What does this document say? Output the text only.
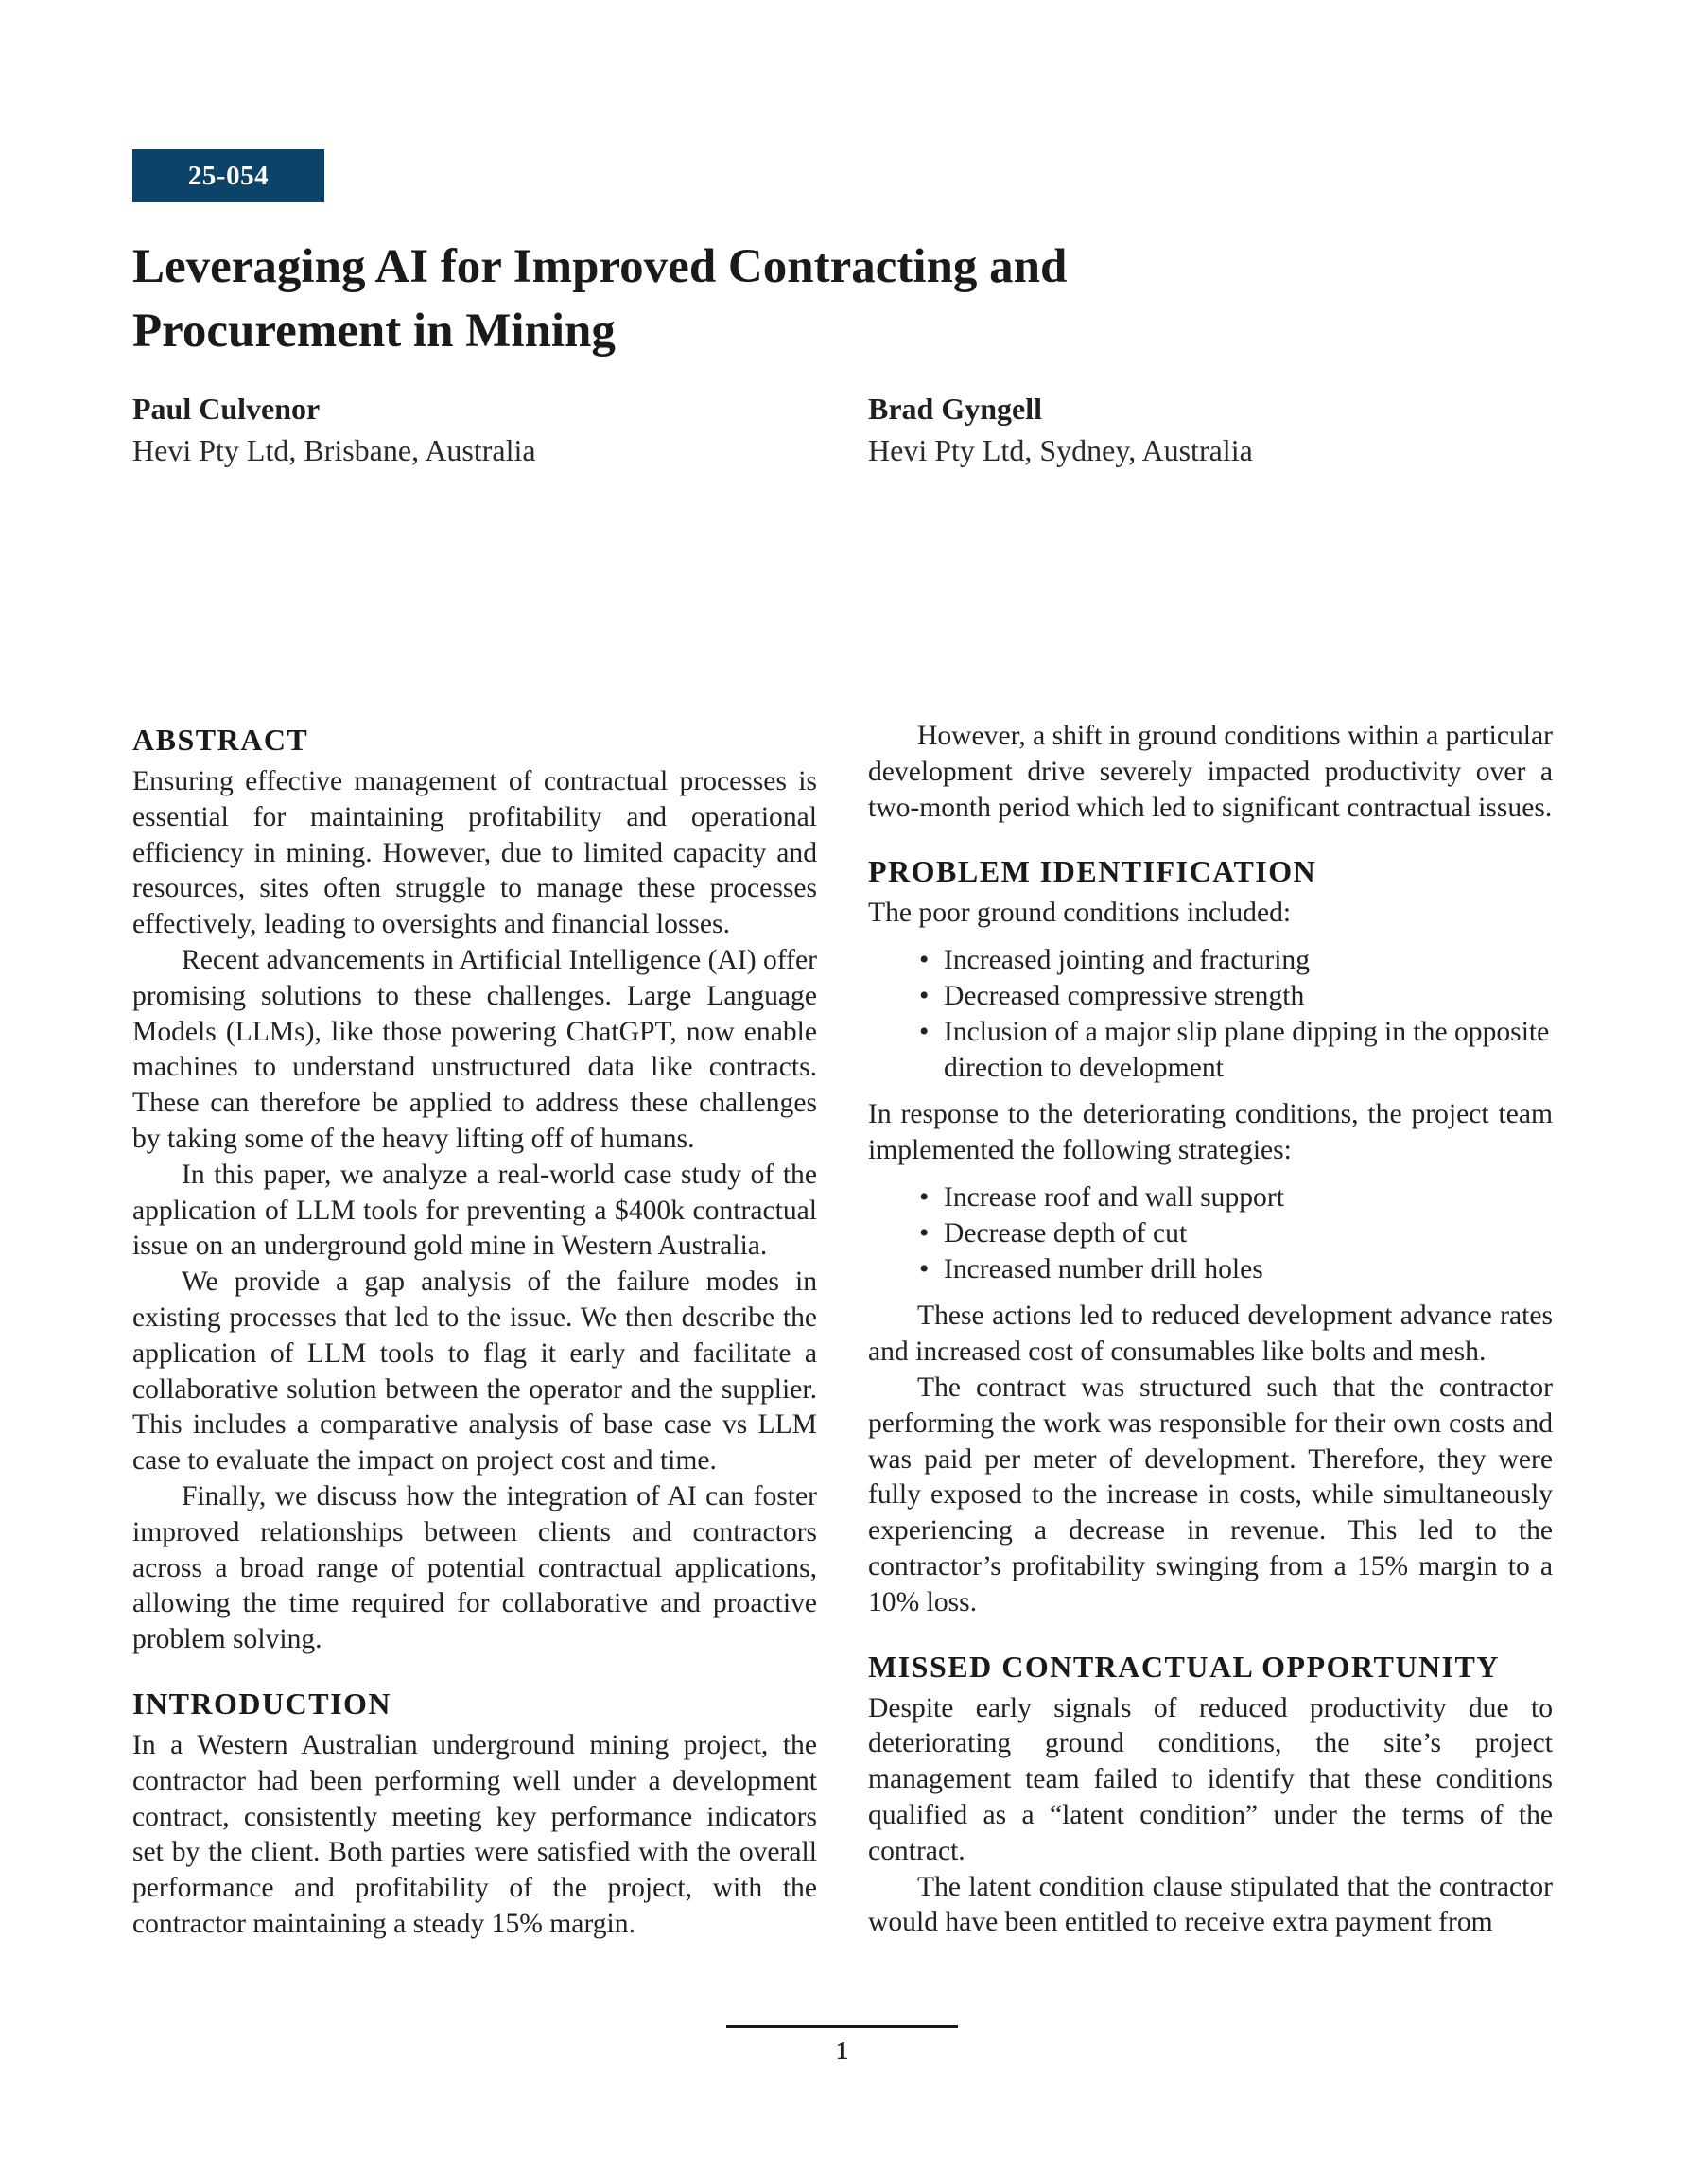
25-054
Leveraging AI for Improved Contracting and Procurement in Mining
Paul Culvenor
Hevi Pty Ltd, Brisbane, Australia
Brad Gyngell
Hevi Pty Ltd, Sydney, Australia
ABSTRACT

Ensuring effective management of contractual processes is essential for maintaining profitability and operational efficiency in mining. However, due to limited capacity and resources, sites often struggle to manage these processes effectively, leading to oversights and financial losses.

Recent advancements in Artificial Intelligence (AI) offer promising solutions to these challenges. Large Language Models (LLMs), like those powering ChatGPT, now enable machines to understand unstructured data like contracts. These can therefore be applied to address these challenges by taking some of the heavy lifting off of humans.

In this paper, we analyze a real-world case study of the application of LLM tools for preventing a $400k contractual issue on an underground gold mine in Western Australia.

We provide a gap analysis of the failure modes in existing processes that led to the issue. We then describe the application of LLM tools to flag it early and facilitate a collaborative solution between the operator and the supplier. This includes a comparative analysis of base case vs LLM case to evaluate the impact on project cost and time.

Finally, we discuss how the integration of AI can foster improved relationships between clients and contractors across a broad range of potential contractual applications, allowing the time required for collaborative and proactive problem solving.

INTRODUCTION

In a Western Australian underground mining project, the contractor had been performing well under a development contract, consistently meeting key performance indicators set by the client. Both parties were satisfied with the overall performance and profitability of the project, with the contractor maintaining a steady 15% margin.

However, a shift in ground conditions within a particular development drive severely impacted productivity over a two-month period which led to significant contractual issues.

PROBLEM IDENTIFICATION

The poor ground conditions included:

• Increased jointing and fracturing
• Decreased compressive strength
• Inclusion of a major slip plane dipping in the opposite direction to development

In response to the deteriorating conditions, the project team implemented the following strategies:

• Increase roof and wall support
• Decrease depth of cut
• Increased number drill holes

These actions led to reduced development advance rates and increased cost of consumables like bolts and mesh.

The contract was structured such that the contractor performing the work was responsible for their own costs and was paid per meter of development. Therefore, they were fully exposed to the increase in costs, while simultaneously experiencing a decrease in revenue. This led to the contractor’s profitability swinging from a 15% margin to a 10% loss.

MISSED CONTRACTUAL OPPORTUNITY

Despite early signals of reduced productivity due to deteriorating ground conditions, the site’s project management team failed to identify that these conditions qualified as a “latent condition” under the terms of the contract.

The latent condition clause stipulated that the contractor would have been entitled to receive extra payment from

1
